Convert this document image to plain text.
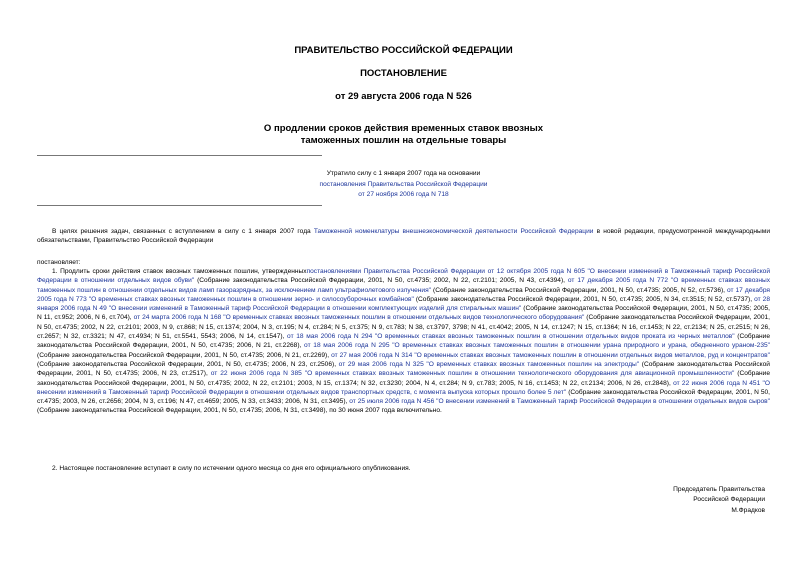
ПРАВИТЕЛЬСТВО РОССИЙСКОЙ ФЕДЕРАЦИИ
ПОСТАНОВЛЕНИЕ
от 29 августа 2006 года N 526
О продлении сроков действия временных ставок ввозных
таможенных пошлин на отдельные товары
Утратило силу с 1 января 2007 года на основании
постановления Правительства Российской Федерации
от 27 ноября 2006 года N 718

В целях решения задач, связанных с вступлением в силу с 1 января 2007 года Таможенной номенклатуры внешнеэкономической деятельности Российской Федерации в новой редакции, предусмотренной международными обязательствами, Правительство Российской Федерации

постановляет:

1. Продлить сроки действия ставок ввозных таможенных пошлин, утвержденныхпостановлениями Правительства Российской Федерации от 12 октября 2005 года N 605 "О внесении изменений в Таможенный тариф Российской Федерации в отношении отдельных видов обуви" (Собрание законодательства Российской Федерации, 2001, N 50, ст.4735; 2002, N 22, ст.2101; 2005, N 43, ст.4394), от 17 декабря 2005 года N 772 "О временных ставках ввозных таможенных пошлин в отношении отдельных видов ламп газоразрядных, за исключением ламп ультрафиолетового излучения" (Собрание законодательства Российской Федерации, 2001, N 50, ст.4735; 2005, N 52, ст.5736), от 17 декабря 2005 года N 773 "О временных ставках ввозных таможенных пошлин в отношении зерно- и силосоуборочных комбайнов" (Собрание законодательства Российской Федерации, 2001, N 50, ст.4735; 2005, N 34, ст.3515; N 52, ст.5737), от 28 января 2006 года N 49 "О внесении изменений в Таможенный тариф Российской Федерации в отношении комплектующих изделий для стиральных машин" (Собрание законодательства Российской Федерации, 2001, N 50, ст.4735; 2005, N 11, ст.952; 2006, N 6, ст.704), от 24 марта 2006 года N 168 "О временных ставках ввозных таможенных пошлин в отношении отдельных видов технологического оборудования" (Собрание законодательства Российской Федерации, 2001, N 50, ст.4735; 2002, N 22, ст.2101; 2003, N 9, ст.868; N 15, ст.1374; 2004, N 3, ст.195; N 4, ст.284; N 5, ст.375; N 9, ст.783; N 38, ст.3797, 3798; N 41, ст.4042; 2005, N 14, ст.1247; N 15, ст.1364; N 16, ст.1453; N 22, ст.2134; N 25, ст.2515; N 26, ст.2657; N 32, ст.3321; N 47, ст.4934; N 51, ст.5541, 5543; 2006, N 14, ст.1547), от 18 мая 2006 года N 294 "О временных ставках ввозных таможенных пошлин в отношении отдельных видов проката из черных металлов" (Собрание законодательства Российской Федерации, 2001, N 50, ст.4735; 2006, N 21, ст.2268), от 18 мая 2006 года N 295 "О временных ставках ввозных таможенных пошлин в отношении урана природного и урана, обедненного ураном-235" (Собрание законодательства Российской Федерации, 2001, N 50, ст.4735; 2006, N 21, ст.2269), от 27 мая 2006 года N 314 "О временных ставках ввозных таможенных пошлин в отношении отдельных видов металлов, руд и концентратов" (Собрание законодательства Российской Федерации, 2001, N 50, ст.4735; 2006, N 23, ст.2506), от 29 мая 2006 года N 325 "О временных ставках ввозных таможенных пошлин на электроды" (Собрание законодательства Российской Федерации, 2001, N 50, ст.4735; 2006, N 23, ст.2517), от 22 июня 2006 года N 385 "О временных ставках ввозных таможенных пошлин в отношении технологического оборудования для авиационной промышленности" (Собрание законодательства Российской Федерации, 2001, N 50, ст.4735; 2002, N 22, ст.2101; 2003, N 15, ст.1374; N 32, ст.3230; 2004, N 4, ст.284; N 9, ст.783; 2005, N 16, ст.1453; N 22, ст.2134; 2006, N 26, ст.2848), от 22 июня 2006 года N 451 "О внесении изменений в Таможенный тариф Российской Федерации в отношении отдельных видов транспортных средств, с момента выпуска которых прошло более 5 лет" (Собрание законодательства Российской Федерации, 2001, N 50, ст.4735; 2003, N 26, ст.2656; 2004, N 3, ст.196; N 47, ст.4659; 2005, N 33, ст.3433; 2006, N 31, ст.3495), от 25 июля 2006 года N 456 "О внесении изменений в Таможенный тариф Российской Федерации в отношении отдельных видов сыров" (Собрание законодательства Российской Федерации, 2001, N 50, ст.4735; 2006, N 31, ст.3498), по 30 июня 2007 года включительно.

2. Настоящее постановление вступает в силу по истечении одного месяца со дня его официального опубликования.

Председатель Правительства
Российской Федерации
М.Фрадков
